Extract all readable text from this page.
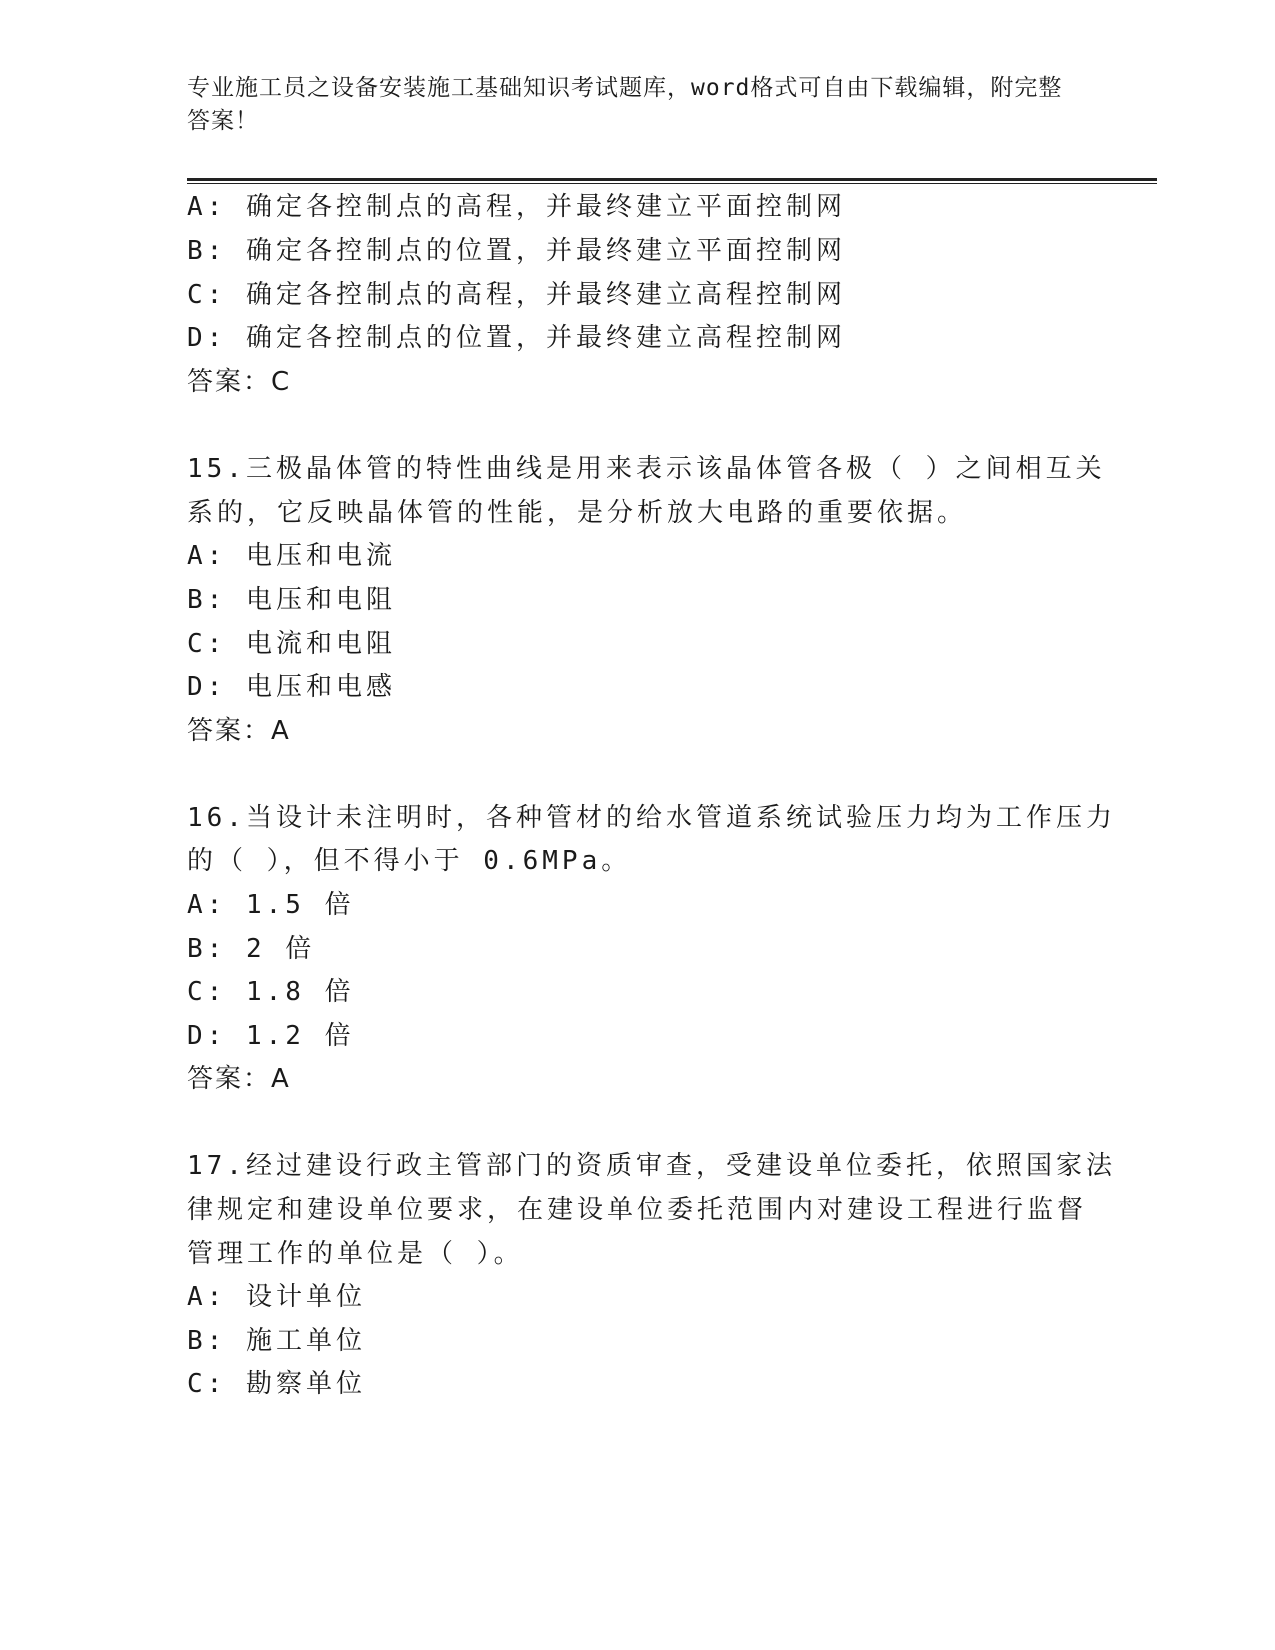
专业施工员之设备安装施工基础知识考试题库，word格式可自由下载编辑，附完整答案！
A: 确定各控制点的高程，并最终建立平面控制网
B: 确定各控制点的位置，并最终建立平面控制网
C: 确定各控制点的高程，并最终建立高程控制网
D: 确定各控制点的位置，并最终建立高程控制网
答案：C
15.三极晶体管的特性曲线是用来表示该晶体管各极（ ）之间相互关
系的，它反映晶体管的性能，是分析放大电路的重要依据。
A: 电压和电流
B: 电压和电阻
C: 电流和电阻
D: 电压和电感
答案：A
16.当设计未注明时，各种管材的给水管道系统试验压力均为工作压力
的（ ），但不得小于 0.6MPa。
A: 1.5 倍
B: 2 倍
C: 1.8 倍
D: 1.2 倍
答案：A
17.经过建设行政主管部门的资质审查，受建设单位委托，依照国家法
律规定和建设单位要求，在建设单位委托范围内对建设工程进行监督
管理工作的单位是（ ）。
A: 设计单位
B: 施工单位
C: 勘察单位
